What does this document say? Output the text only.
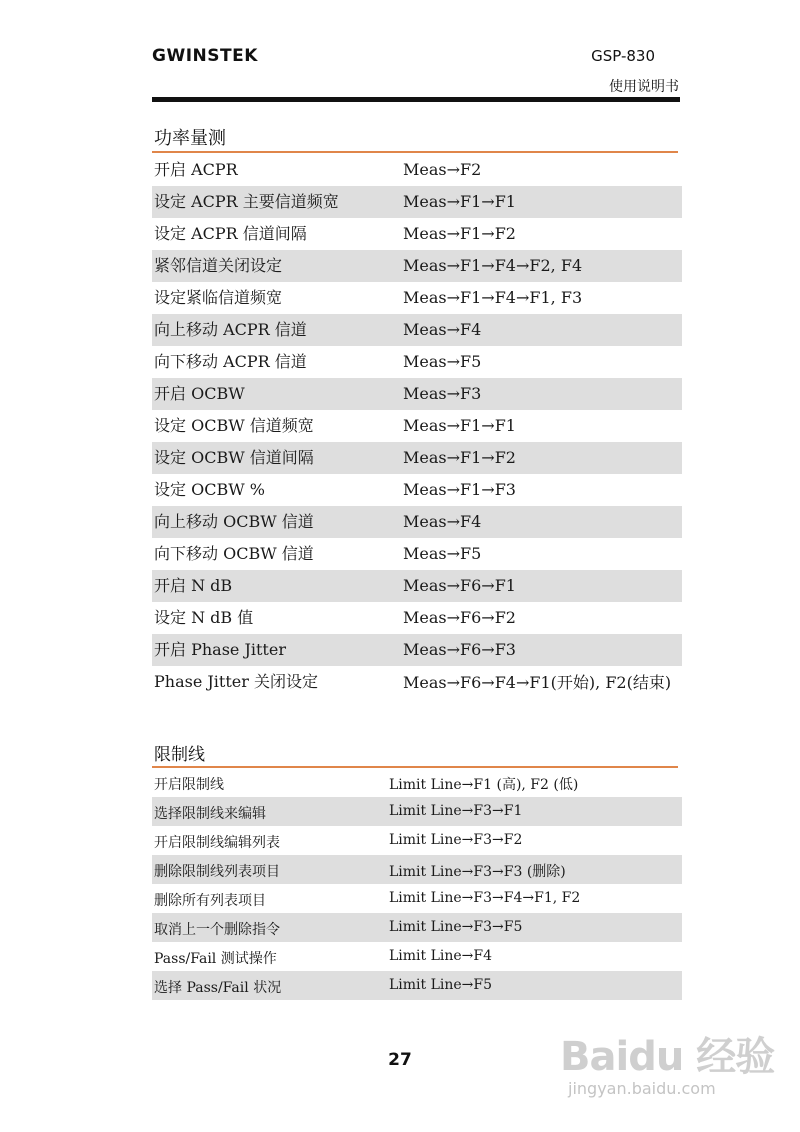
GWINSTEK	GSP-830
使用说明书
功率量测
开启 ACPR	Meas→F2
设定 ACPR 主要信道频宽	Meas→F1→F1
设定 ACPR 信道间隔	Meas→F1→F2
紧邻信道关闭设定	Meas→F1→F4→F2, F4
设定紧临信道频宽	Meas→F1→F4→F1, F3
向上移动 ACPR 信道	Meas→F4
向下移动 ACPR 信道	Meas→F5
开启 OCBW	Meas→F3
设定 OCBW 信道频宽	Meas→F1→F1
设定 OCBW 信道间隔	Meas→F1→F2
设定 OCBW %	Meas→F1→F3
向上移动 OCBW 信道	Meas→F4
向下移动 OCBW 信道	Meas→F5
开启 N dB	Meas→F6→F1
设定 N dB 值	Meas→F6→F2
开启 Phase Jitter	Meas→F6→F3
Phase Jitter 关闭设定	Meas→F6→F4→F1(开始), F2(结束)
限制线
开启限制线	Limit Line→F1 (高), F2 (低)
选择限制线来编辑	Limit Line→F3→F1
开启限制线编辑列表	Limit Line→F3→F2
删除限制线列表项目	Limit Line→F3→F3 (删除)
删除所有列表项目	Limit Line→F3→F4→F1, F2
取消上一个删除指令	Limit Line→F3→F5
Pass/Fail 测试操作	Limit Line→F4
选择 Pass/Fail 状况	Limit Line→F5
27	Baidu 经验
jingyan.baidu.com
